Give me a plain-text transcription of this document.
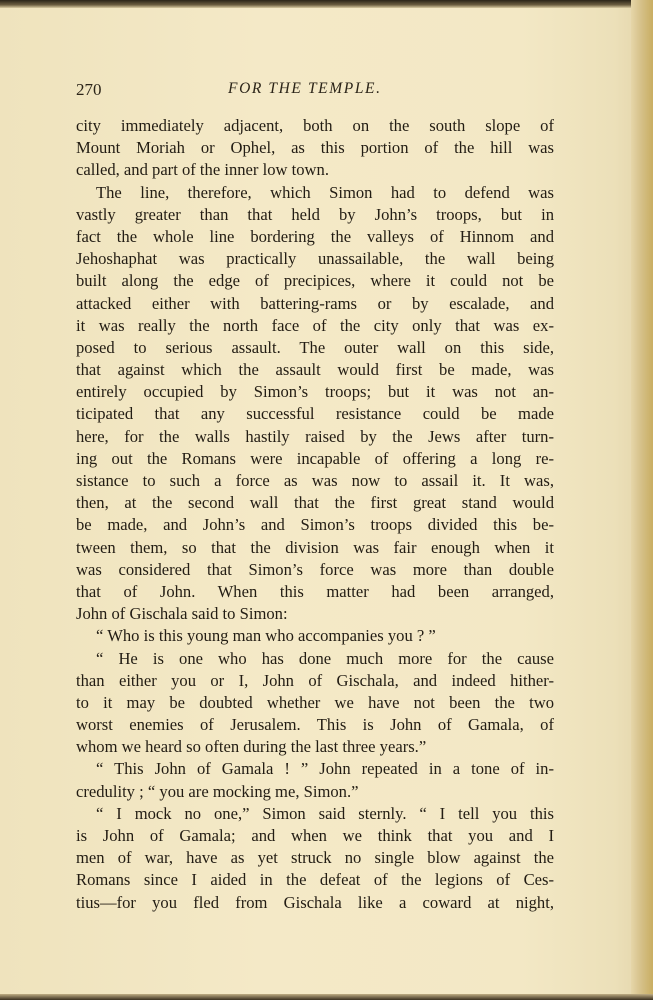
270	FOR THE TEMPLE.
city immediately adjacent, both on the south slope of
Mount Moriah or Ophel, as this portion of the hill was
called, and part of the inner low town.
The line, therefore, which Simon had to defend was
vastly greater than that held by John’s troops, but in
fact the whole line bordering the valleys of Hinnom and
Jehoshaphat was practically unassailable, the wall being
built along the edge of precipices, where it could not be
attacked either with battering-rams or by escalade, and
it was really the north face of the city only that was ex-
posed to serious assault. The outer wall on this side,
that against which the assault would first be made, was
entirely occupied by Simon’s troops; but it was not an-
ticipated that any successful resistance could be made
here, for the walls hastily raised by the Jews after turn-
ing out the Romans were incapable of offering a long re-
sistance to such a force as was now to assail it. It was,
then, at the second wall that the first great stand would
be made, and John’s and Simon’s troops divided this be-
tween them, so that the division was fair enough when it
was considered that Simon’s force was more than double
that of John. When this matter had been arranged,
John of Gischala said to Simon:
“ Who is this young man who accompanies you ? ”
“ He is one who has done much more for the cause
than either you or I, John of Gischala, and indeed hither-
to it may be doubted whether we have not been the two
worst enemies of Jerusalem. This is John of Gamala, of
whom we heard so often during the last three years.”
“ This John of Gamala ! ” John repeated in a tone of in-
credulity ; “ you are mocking me, Simon.”
“ I mock no one,” Simon said sternly. “ I tell you this
is John of Gamala; and when we think that you and I
men of war, have as yet struck no single blow against the
Romans since I aided in the defeat of the legions of Ces-
tius—for you fled from Gischala like a coward at night,
